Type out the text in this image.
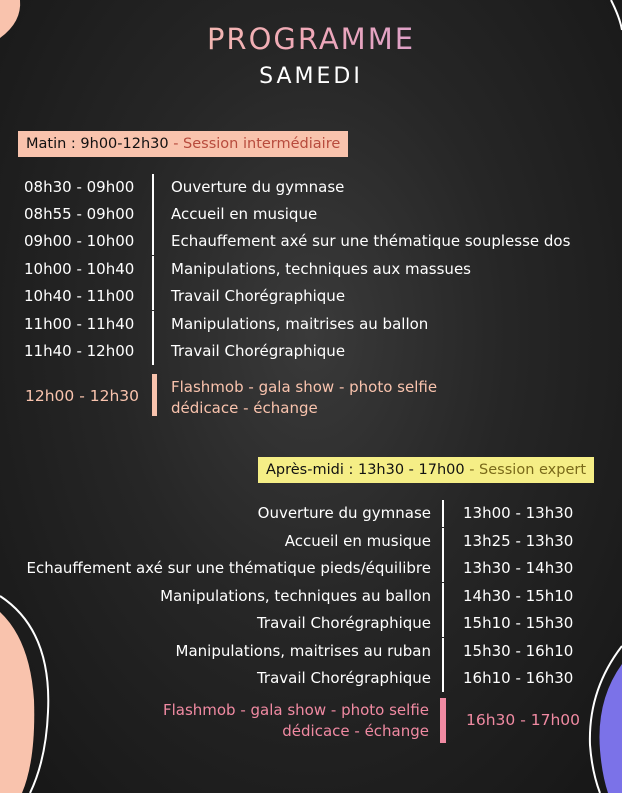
PROGRAMME
SAMEDI
Matin : 9h00-12h30 - Session intermédiaire
08h30 - 09h00 Ouverture du gymnase
08h55 - 09h00 Accueil en musique
09h00 - 10h00 Echauffement axé sur une thématique souplesse dos
10h00 - 10h40 Manipulations, techniques aux massues
10h40 - 11h00 Travail Chorégraphique
11h00 - 11h40 Manipulations, maitrises au ballon
11h40 - 12h00 Travail Chorégraphique
12h00 - 12h30 Flashmob - gala show - photo selfie
dédicace - échange
Après-midi : 13h30 - 17h00 - Session expert
Ouverture du gymnase 13h00 - 13h30
Accueil en musique 13h25 - 13h30
Echauffement axé sur une thématique pieds/équilibre 13h30 - 14h30
Manipulations, techniques au ballon 14h30 - 15h10
Travail Chorégraphique 15h10 - 15h30
Manipulations, maitrises au ruban 15h30 - 16h10
Travail Chorégraphique 16h10 - 16h30
Flashmob - gala show - photo selfie
dédicace - échange
16h30 - 17h00
